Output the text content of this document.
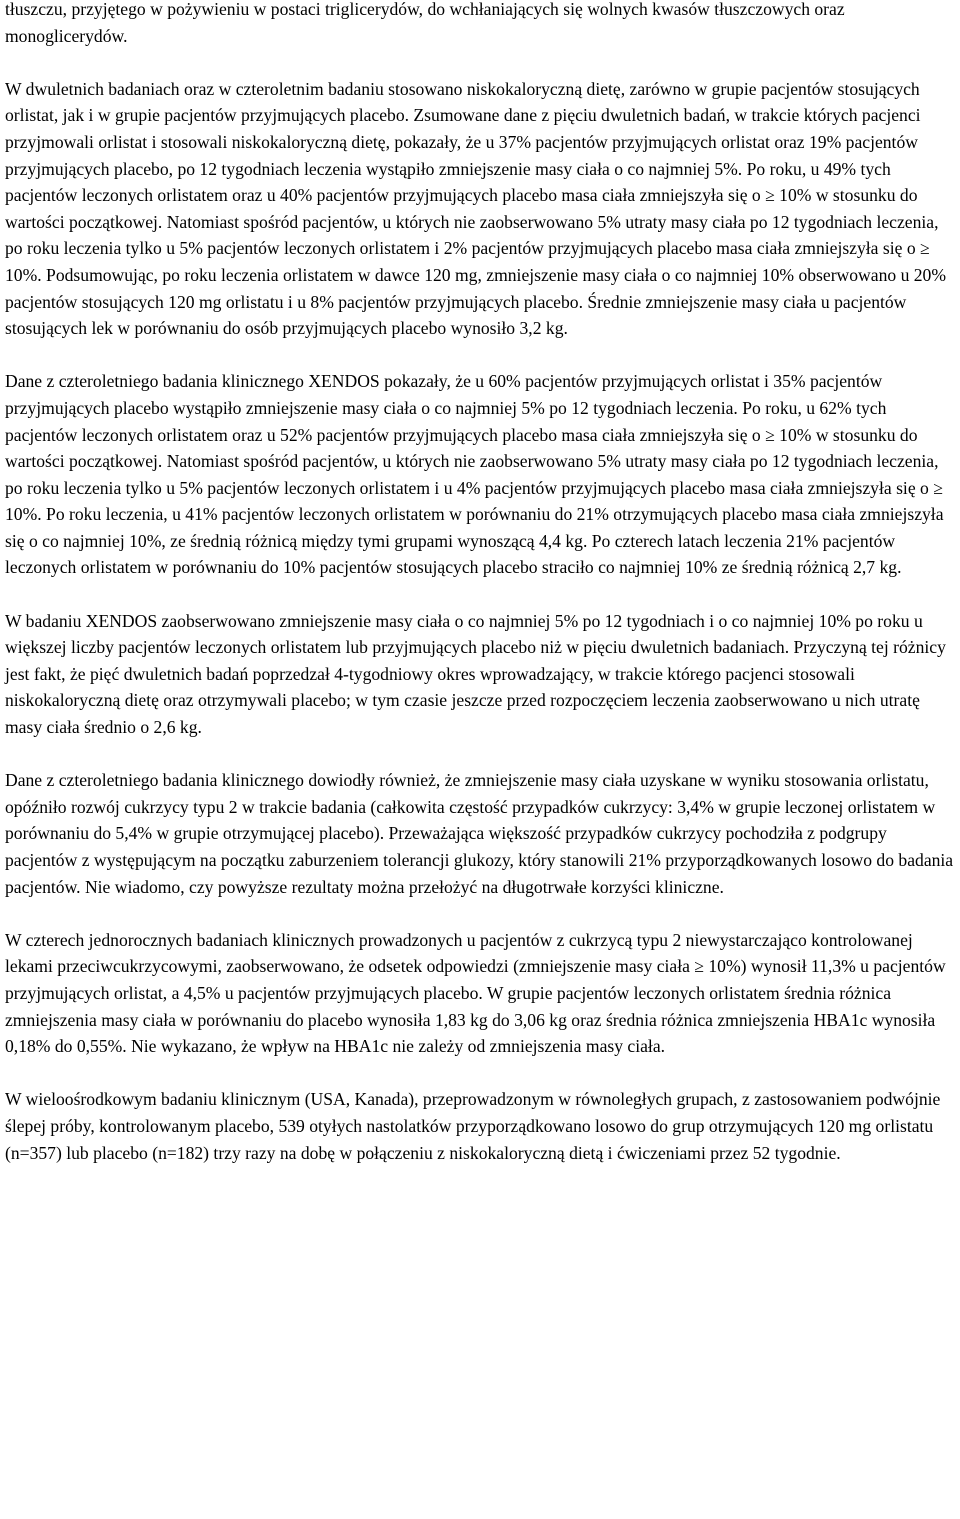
tłuszczu, przyjętego w pożywieniu w postaci triglicerydów, do wchłaniających się wolnych kwasów tłuszczowych oraz monoglicerydów.

W dwuletnich badaniach oraz w czteroletnim badaniu stosowano niskokaloryczną dietę, zarówno w grupie pacjentów stosujących orlistat, jak i w grupie pacjentów przyjmujących placebo. Zsumowane dane z pięciu dwuletnich badań, w trakcie których pacjenci przyjmowali orlistat i stosowali niskokaloryczną dietę, pokazały, że u 37% pacjentów przyjmujących orlistat oraz 19% pacjentów przyjmujących placebo, po 12 tygodniach leczenia wystąpiło zmniejszenie masy ciała o co najmniej 5%. Po roku, u 49% tych pacjentów leczonych orlistatem oraz u 40% pacjentów przyjmujących placebo masa ciała zmniejszyła się o ≥ 10% w stosunku do wartości początkowej. Natomiast spośród pacjentów, u których nie zaobserwowano 5% utraty masy ciała po 12 tygodniach leczenia, po roku leczenia tylko u 5% pacjentów leczonych orlistatem i 2% pacjentów przyjmujących placebo masa ciała zmniejszyła się o ≥ 10%. Podsumowując, po roku leczenia orlistatem w dawce 120 mg, zmniejszenie masy ciała o co najmniej 10% obserwowano u 20% pacjentów stosujących 120 mg orlistatu i u 8% pacjentów przyjmujących placebo. Średnie zmniejszenie masy ciała u pacjentów stosujących lek w porównaniu do osób przyjmujących placebo wynosiło 3,2 kg.

Dane z czteroletniego badania klinicznego XENDOS pokazały, że u 60% pacjentów przyjmujących orlistat i 35% pacjentów przyjmujących placebo wystąpiło zmniejszenie masy ciała o co najmniej 5% po 12 tygodniach leczenia. Po roku, u 62% tych pacjentów leczonych orlistatem oraz u 52% pacjentów przyjmujących placebo masa ciała zmniejszyła się o ≥ 10% w stosunku do wartości początkowej. Natomiast spośród pacjentów, u których nie zaobserwowano 5% utraty masy ciała po 12 tygodniach leczenia, po roku leczenia tylko u 5% pacjentów leczonych orlistatem i u 4% pacjentów przyjmujących placebo masa ciała zmniejszyła się o ≥ 10%. Po roku leczenia, u 41% pacjentów leczonych orlistatem w porównaniu do 21% otrzymujących placebo masa ciała zmniejszyła się o co najmniej 10%, ze średnią różnicą między tymi grupami wynoszącą 4,4 kg. Po czterech latach leczenia 21% pacjentów leczonych orlistatem w porównaniu do 10% pacjentów stosujących placebo straciło co najmniej 10% ze średnią różnicą 2,7 kg.

W badaniu XENDOS zaobserwowano zmniejszenie masy ciała o co najmniej 5% po 12 tygodniach i o co najmniej 10% po roku u większej liczby pacjentów leczonych orlistatem lub przyjmujących placebo niż w pięciu dwuletnich badaniach. Przyczyną tej różnicy jest fakt, że pięć dwuletnich badań poprzedzał 4-tygodniowy okres wprowadzający, w trakcie którego pacjenci stosowali niskokaloryczną dietę oraz otrzymywali placebo; w tym czasie jeszcze przed rozpoczęciem leczenia zaobserwowano u nich utratę masy ciała średnio o 2,6 kg.

Dane z czteroletniego badania klinicznego dowiodły również, że zmniejszenie masy ciała uzyskane w wyniku stosowania orlistatu, opóźniło rozwój cukrzycy typu 2 w trakcie badania (całkowita częstość przypadków cukrzycy: 3,4% w grupie leczonej orlistatem w porównaniu do 5,4% w grupie otrzymującej placebo). Przeważająca większość przypadków cukrzycy pochodziła z podgrupy pacjentów z występującym na początku zaburzeniem tolerancji glukozy, który stanowili 21% przyporządkowanych losowo do badania pacjentów. Nie wiadomo, czy powyższe rezultaty można przełożyć na długotrwałe korzyści kliniczne.

W czterech jednorocznych badaniach klinicznych prowadzonych u pacjentów z cukrzycą typu 2 niewystarczająco kontrolowanej lekami przeciwcukrzycowymi, zaobserwowano, że odsetek odpowiedzi (zmniejszenie masy ciała ≥ 10%) wynosił 11,3% u pacjentów przyjmujących orlistat, a 4,5% u pacjentów przyjmujących placebo. W grupie pacjentów leczonych orlistatem średnia różnica zmniejszenia masy ciała w porównaniu do placebo wynosiła 1,83 kg do 3,06 kg oraz średnia różnica zmniejszenia HBA1c wynosiła 0,18% do 0,55%. Nie wykazano, że wpływ na HBA1c nie zależy od zmniejszenia masy ciała.

W wieloośrodkowym badaniu klinicznym (USA, Kanada), przeprowadzonym w równoległych grupach, z zastosowaniem podwójnie ślepej próby, kontrolowanym placebo, 539 otyłych nastolatków przyporządkowano losowo do grup otrzymujących 120 mg orlistatu (n=357) lub placebo (n=182) trzy razy na dobę w połączeniu z niskokaloryczną dietą i ćwiczeniami przez 52 tygodnie.
